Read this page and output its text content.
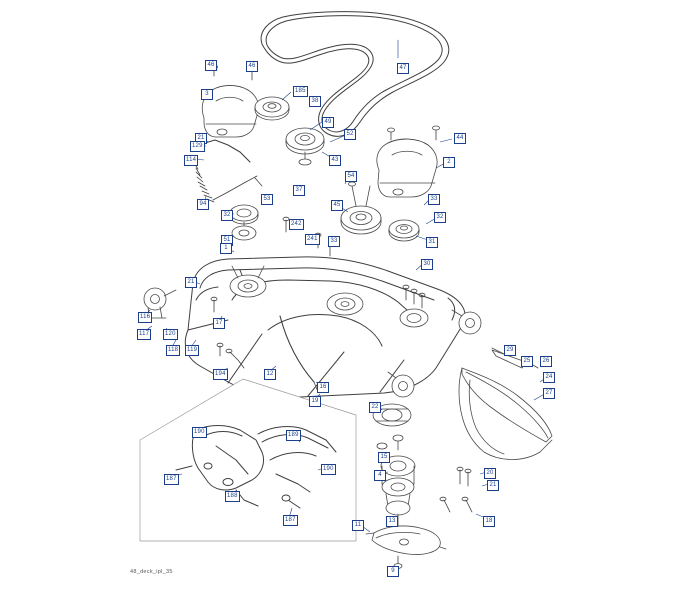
46	46	47
3	185
38
49
52
44
21
129
43	2
114
54
37
33
45
94
53
32
242
32
31
51	241	33
30
1
21
116
117	120
17
118	119	29
25	26
194	12	24
16
27
19
22
189
190
15
190
187
4	20
21
188
187	18
11
13
9
48_deck_ipl_35
